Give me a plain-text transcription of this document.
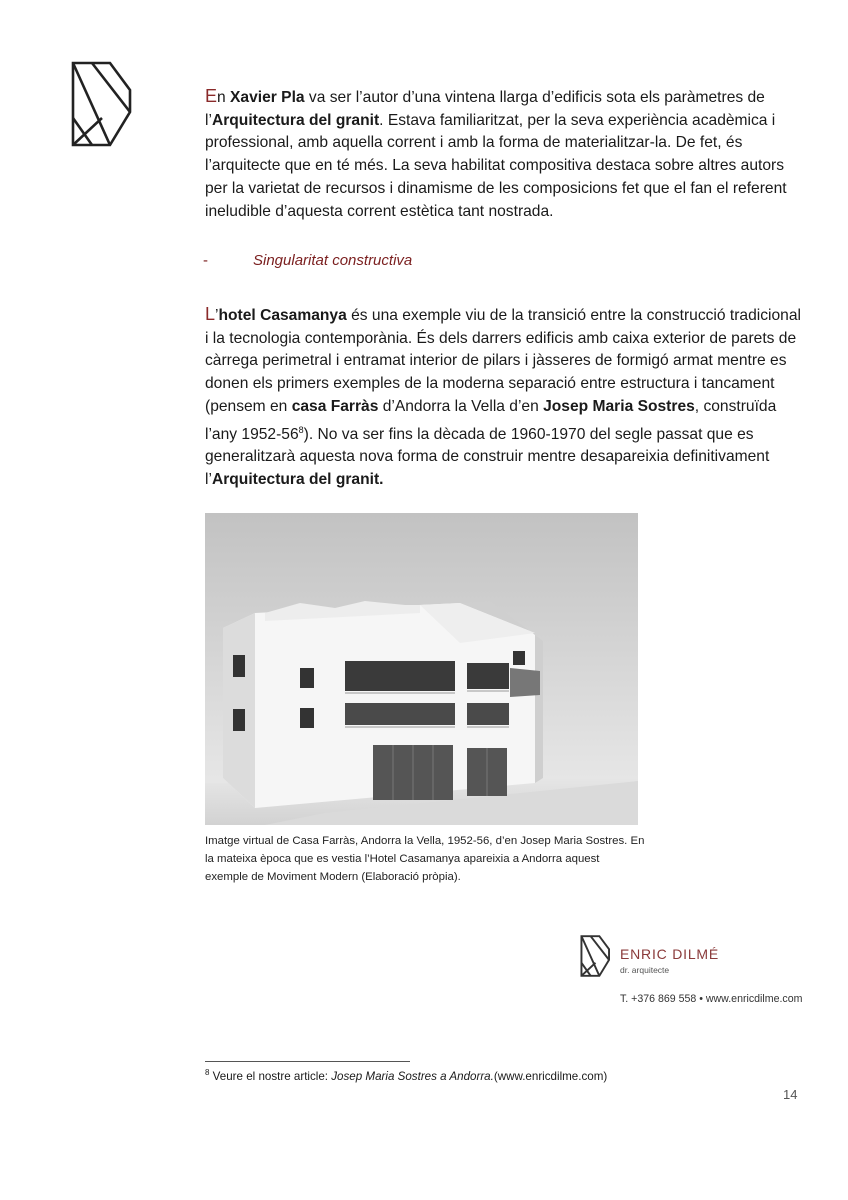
En Xavier Pla va ser l’autor d’una vintena llarga d’edificis sota els paràmetres de l’Arquitectura del granit. Estava familiaritzat, per la seva experiència acadèmica i professional, amb aquella corrent i amb la forma de materialitzar-la. De fet, és l’arquitecte que en té més. La seva habilitat compositiva destaca sobre altres autors per la varietat de recursos i dinamisme de les composicions fet que el fan el referent ineludible d’aquesta corrent estètica tant nostrada.

-	Singularitat constructiva

L’hotel Casamanya és una exemple viu de la transició entre la construcció tradicional i la tecnologia contemporània. És dels darrers edificis amb caixa exterior de parets de càrrega perimetral i entramat interior de pilars i jàsseres de formigó armat mentre es donen els primers exemples de la moderna separació entre estructura i tancament (pensem en casa Farràs d’Andorra la Vella d’en Josep Maria Sostres, construïda l’any $1952-56^8$). No va ser fins la dècada de 1960-1970 del segle passat que es generalitzarà aquesta nova forma de construir mentre desapareixia definitivament l’Arquitectura del granit.

Imatge virtual de Casa Farràs, Andorra la Vella, 1952-56, d’en Josep Maria Sostres. En la mateixa època que es vestia l’Hotel Casamanya apareixia a Andorra aquest exemple de Moviment Modern (Elaboració pròpia).

ENRIC DILMÉ
dr. arquitecte
T. +376 869 558 • www.enricdilme.com
$^8$ Veure el nostre article: Josep Maria Sostres a Andorra.(www.enricdilme.com)
14
